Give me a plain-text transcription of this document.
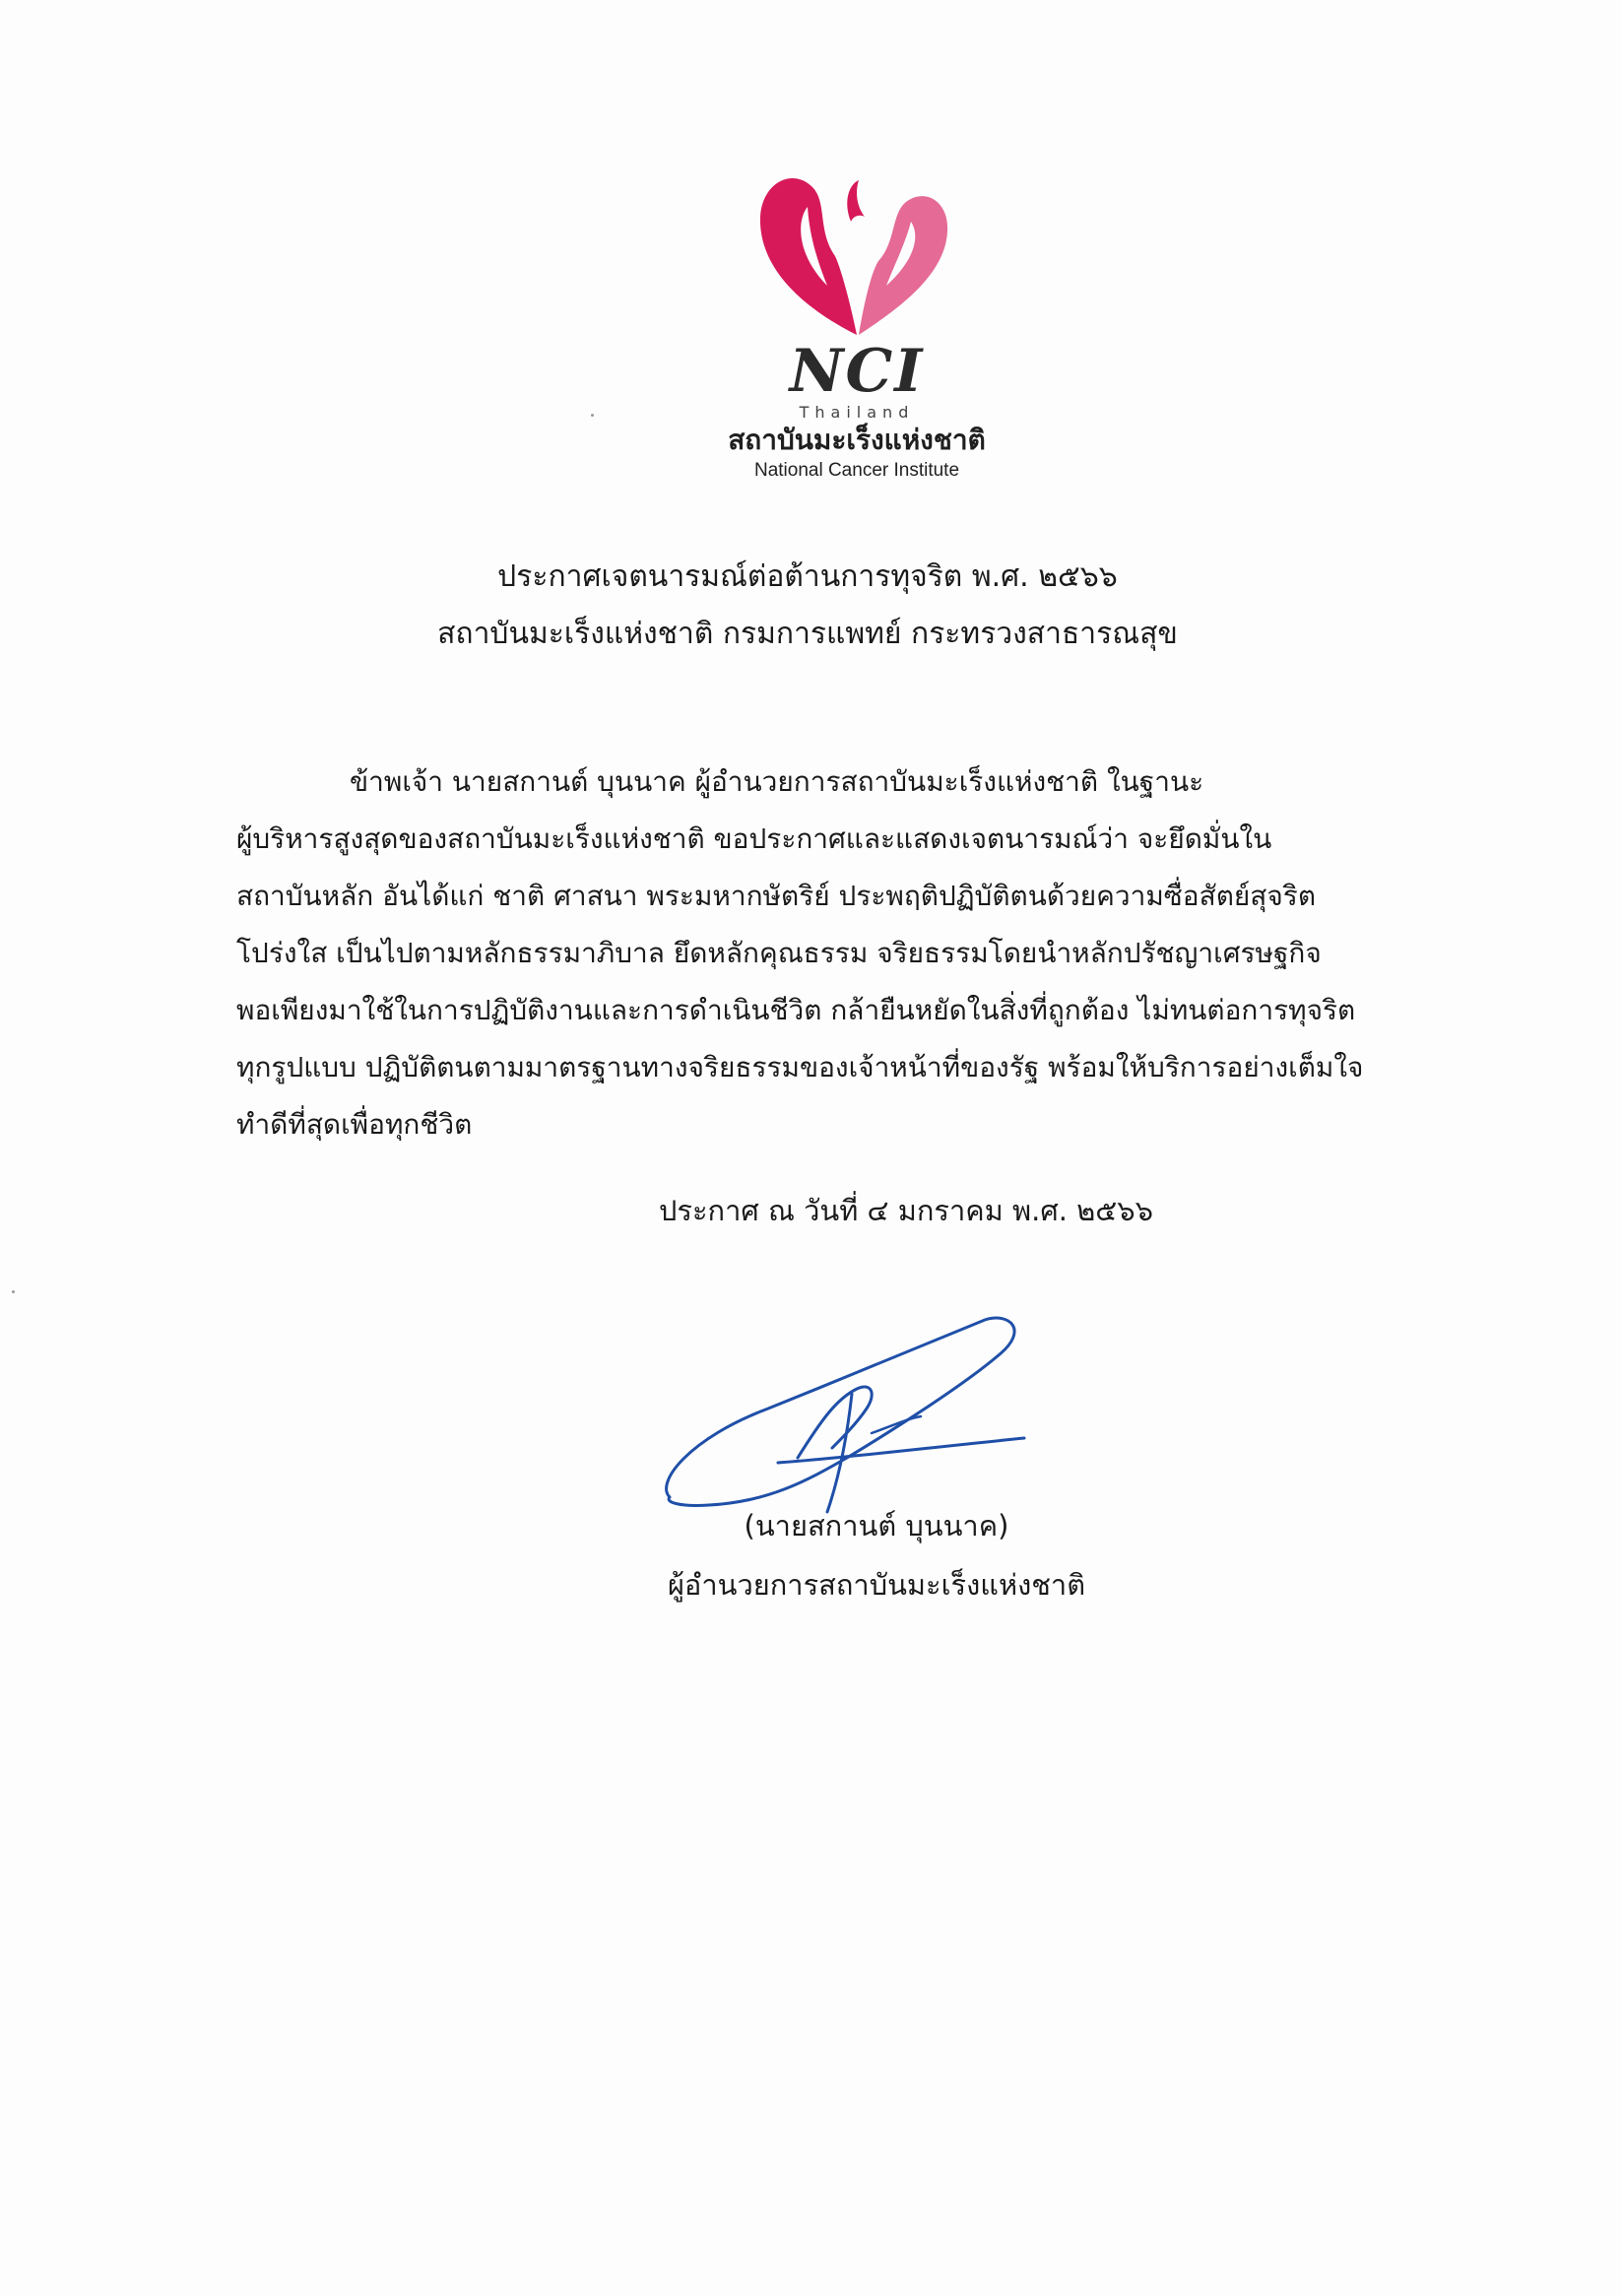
NCI
Thailand
สถาบันมะเร็งแห่งชาติ
National Cancer Institute
ประกาศเจตนารมณ์ต่อต้านการทุจริต พ.ศ. ๒๕๖๖
สถาบันมะเร็งแห่งชาติ กรมการแพทย์ กระทรวงสาธารณสุข
ข้าพเจ้า นายสกานต์ บุนนาค ผู้อำนวยการสถาบันมะเร็งแห่งชาติ ในฐานะ
ผู้บริหารสูงสุดของสถาบันมะเร็งแห่งชาติ ขอประกาศและแสดงเจตนารมณ์ว่า จะยึดมั่นใน
สถาบันหลัก อันได้แก่ ชาติ ศาสนา พระมหากษัตริย์ ประพฤติปฏิบัติตนด้วยความซื่อสัตย์สุจริต
โปร่งใส เป็นไปตามหลักธรรมาภิบาล ยึดหลักคุณธรรม จริยธรรมโดยนำหลักปรัชญาเศรษฐกิจ
พอเพียงมาใช้ในการปฏิบัติงานและการดำเนินชีวิต กล้ายืนหยัดในสิ่งที่ถูกต้อง ไม่ทนต่อการทุจริต
ทุกรูปแบบ ปฏิบัติตนตามมาตรฐานทางจริยธรรมของเจ้าหน้าที่ของรัฐ พร้อมให้บริการอย่างเต็มใจ
ทำดีที่สุดเพื่อทุกชีวิต
ประกาศ ณ วันที่ ๔ มกราคม พ.ศ. ๒๕๖๖
(นายสกานต์ บุนนาค)
ผู้อำนวยการสถาบันมะเร็งแห่งชาติ
